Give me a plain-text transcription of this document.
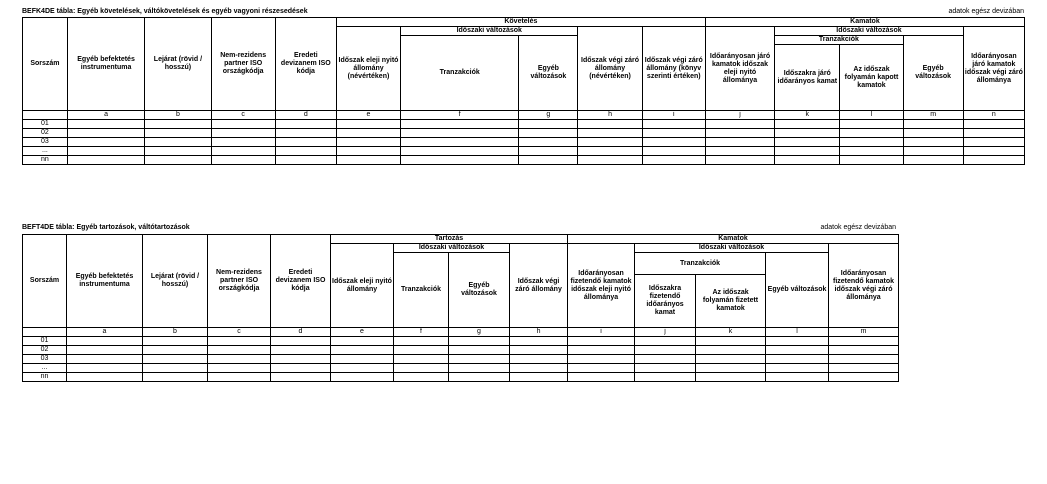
BEFK4DE tábla: Egyéb követelések, váltókövetelések és egyéb vagyoni részesedések	adatok egész devizában
Sorszám	Egyéb befektetés instrumentuma	Lejárat (rövid / hosszú)	Nem-rezidens partner ISO országkódja	Eredeti devizanem ISO kódja	Követelés					Kamatok				
					Időszak eleji nyitó állomány (névértéken)	Időszaki változások		Időszak végi záró állomány (névértéken)	Időszak végi záró állomány (könyv szerinti értéken)	Időarányosan járó kamatok időszak eleji nyitó állománya	Időszaki változások			Időarányosan járó kamatok időszak végi záró állománya
						Tranzakciók	Egyéb változások				Tranzakciók		Egyéb változások	
											Időszakra járó időarányos kamat	Az időszak folyamán kapott kamatok		
	a	b	c	d	e	f	g	h	i	j	k	l	m	n
01														
02														
03														
...														
nn														
BEFT4DE tábla: Egyéb tartozások, váltótartozások	adatok egész devizában
Sorszám	Egyéb befektetés instrumentuma	Lejárat (rövid / hosszú)	Nem-rezidens partner ISO országkódja	Eredeti devizanem ISO kódja	Tartozás				Kamatok				
					Időszak eleji nyitó állomány	Időszaki változások		Időszak végi záró állomány	Időarányosan fizetendő kamatok időszak eleji nyitó állománya	Időszaki változások			Időarányosan fizetendő kamatok időszak végi záró állománya
						Tranzakciók	Egyéb változások			Tranzakciók		Egyéb változások	
										Időszakra fizetendő időarányos kamat	Az időszak folyamán fizetett kamatok		
	a	b	c	d	e	f	g	h	i	j	k	l	m
01													
02													
03													
...													
nn													
